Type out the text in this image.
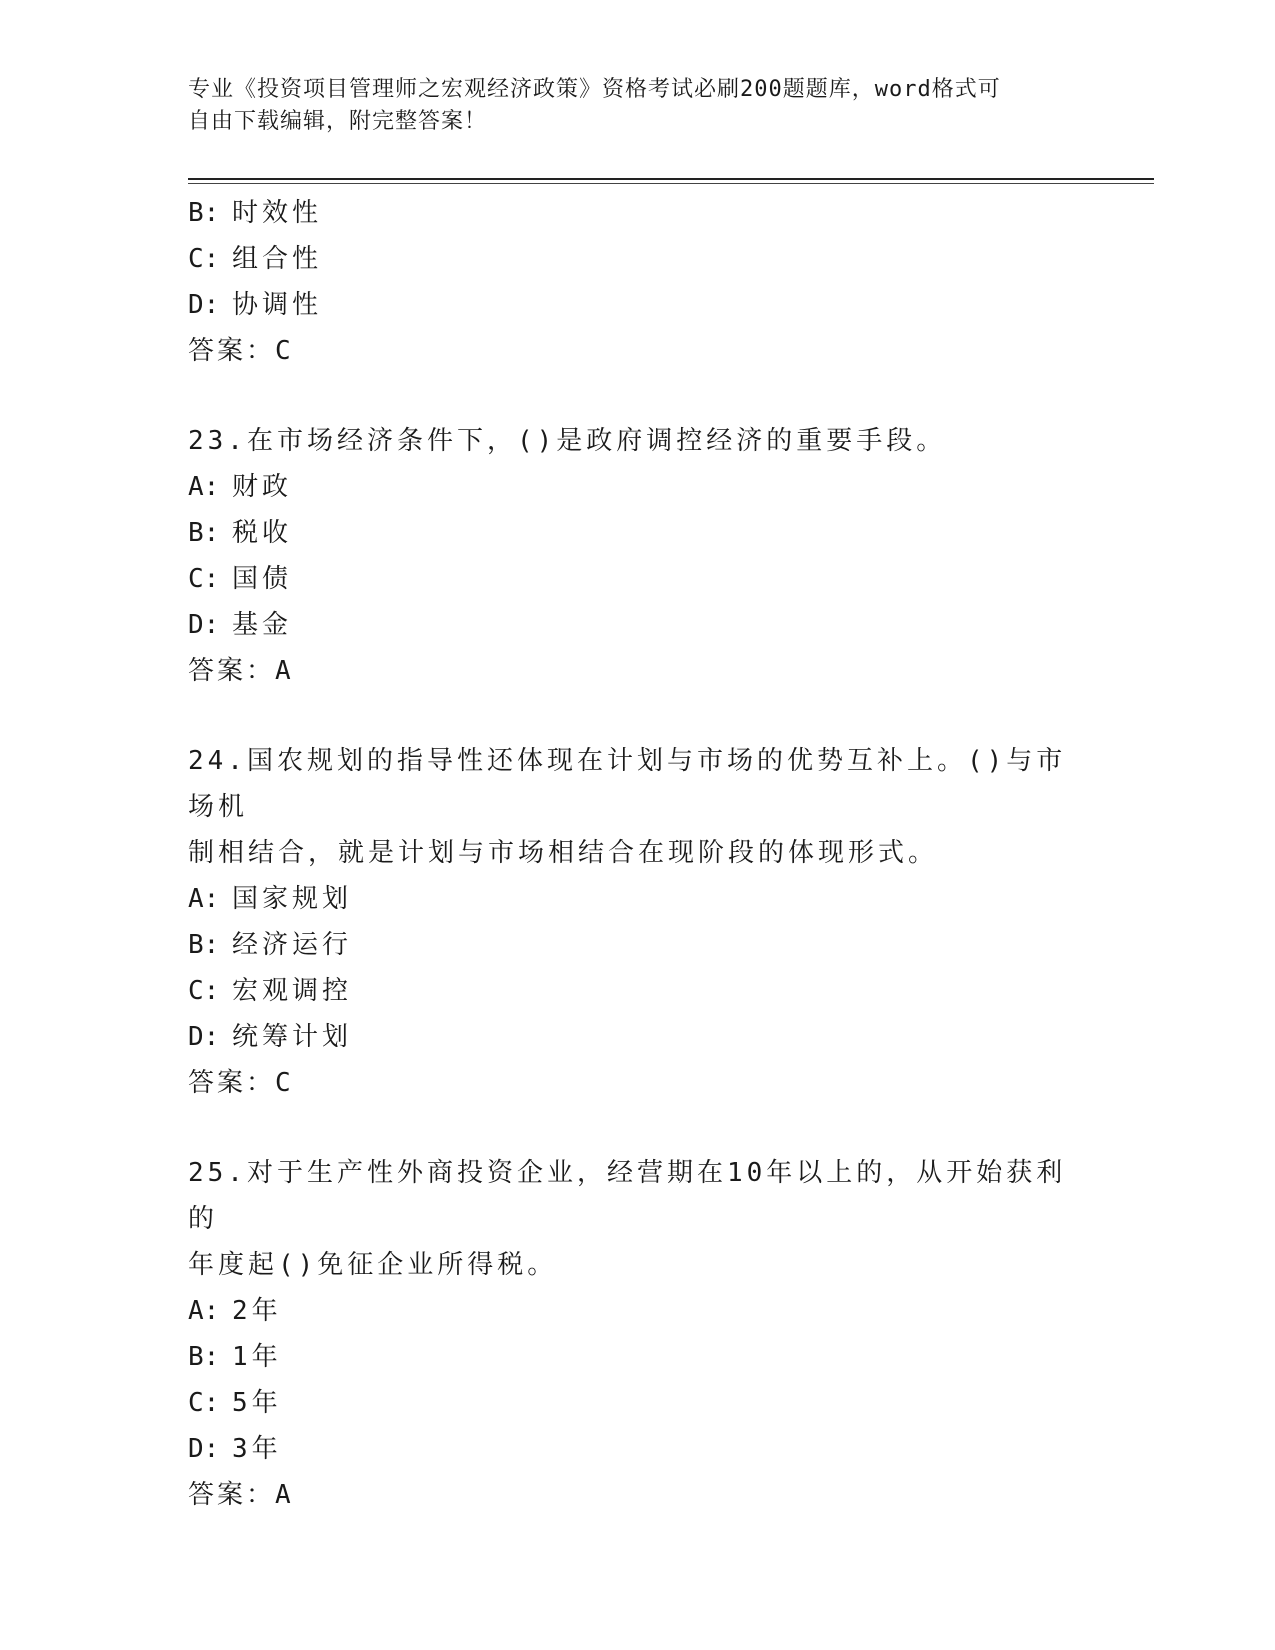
专业《投资项目管理师之宏观经济政策》资格考试必刷200题题库，word格式可
自由下载编辑，附完整答案！
B: 时效性
C: 组合性
D: 协调性
答案：C
23.在市场经济条件下，()是政府调控经济的重要手段。
A: 财政
B: 税收
C: 国债
D: 基金
答案：A
24.国农规划的指导性还体现在计划与市场的优势互补上。()与市场机
制相结合，就是计划与市场相结合在现阶段的体现形式。
A: 国家规划
B: 经济运行
C: 宏观调控
D: 统筹计划
答案：C
25.对于生产性外商投资企业，经营期在10年以上的，从开始获利的
年度起()免征企业所得税。
A: 2年
B: 1年
C: 5年
D: 3年
答案：A
